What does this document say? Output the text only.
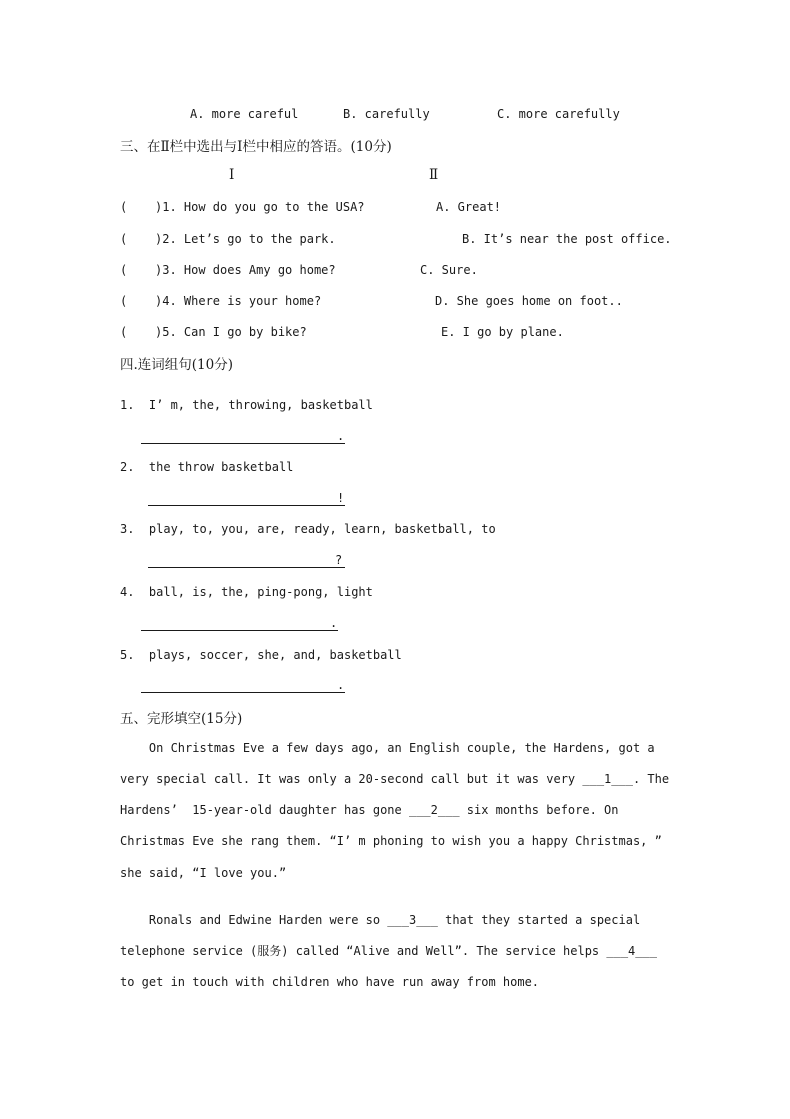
A. more careful	B. carefully	C. more carefully
三、在Ⅱ栏中选出与Ⅰ栏中相应的答语。(10分)
Ⅰ	Ⅱ
( )1. How do you go to the USA?	A. Great!
( )2. Let’s go to the park.	B. It’s near the post office.
( )3. How does Amy go home?	C. Sure.
( )4. Where is your home?	D. She goes home on foot..
( )5. Can I go by bike?	E. I go by plane.
四.连词组句(10分)
1.  I’ m, the, throwing, basketball
.
2.  the throw basketball
!
3.  play, to, you, are, ready, learn, basketball, to
?
4.  ball, is, the, ping-pong, light
.
5.  plays, soccer, she, and, basketball
.
五、完形填空(15分)
On Christmas Eve a few days ago, an English couple, the Hardens, got a
very special call. It was only a 20-second call but it was very ___1___. The
Hardens’  15-year-old daughter has gone ___2___ six months before. On
Christmas Eve she rang them. “I’ m phoning to wish you a happy Christmas, ”
she said, “I love you.”
Ronals and Edwine Harden were so ___3___ that they started a special
telephone service (服务) called “Alive and Well”. The service helps ___4___
to get in touch with children who have run away from home.
